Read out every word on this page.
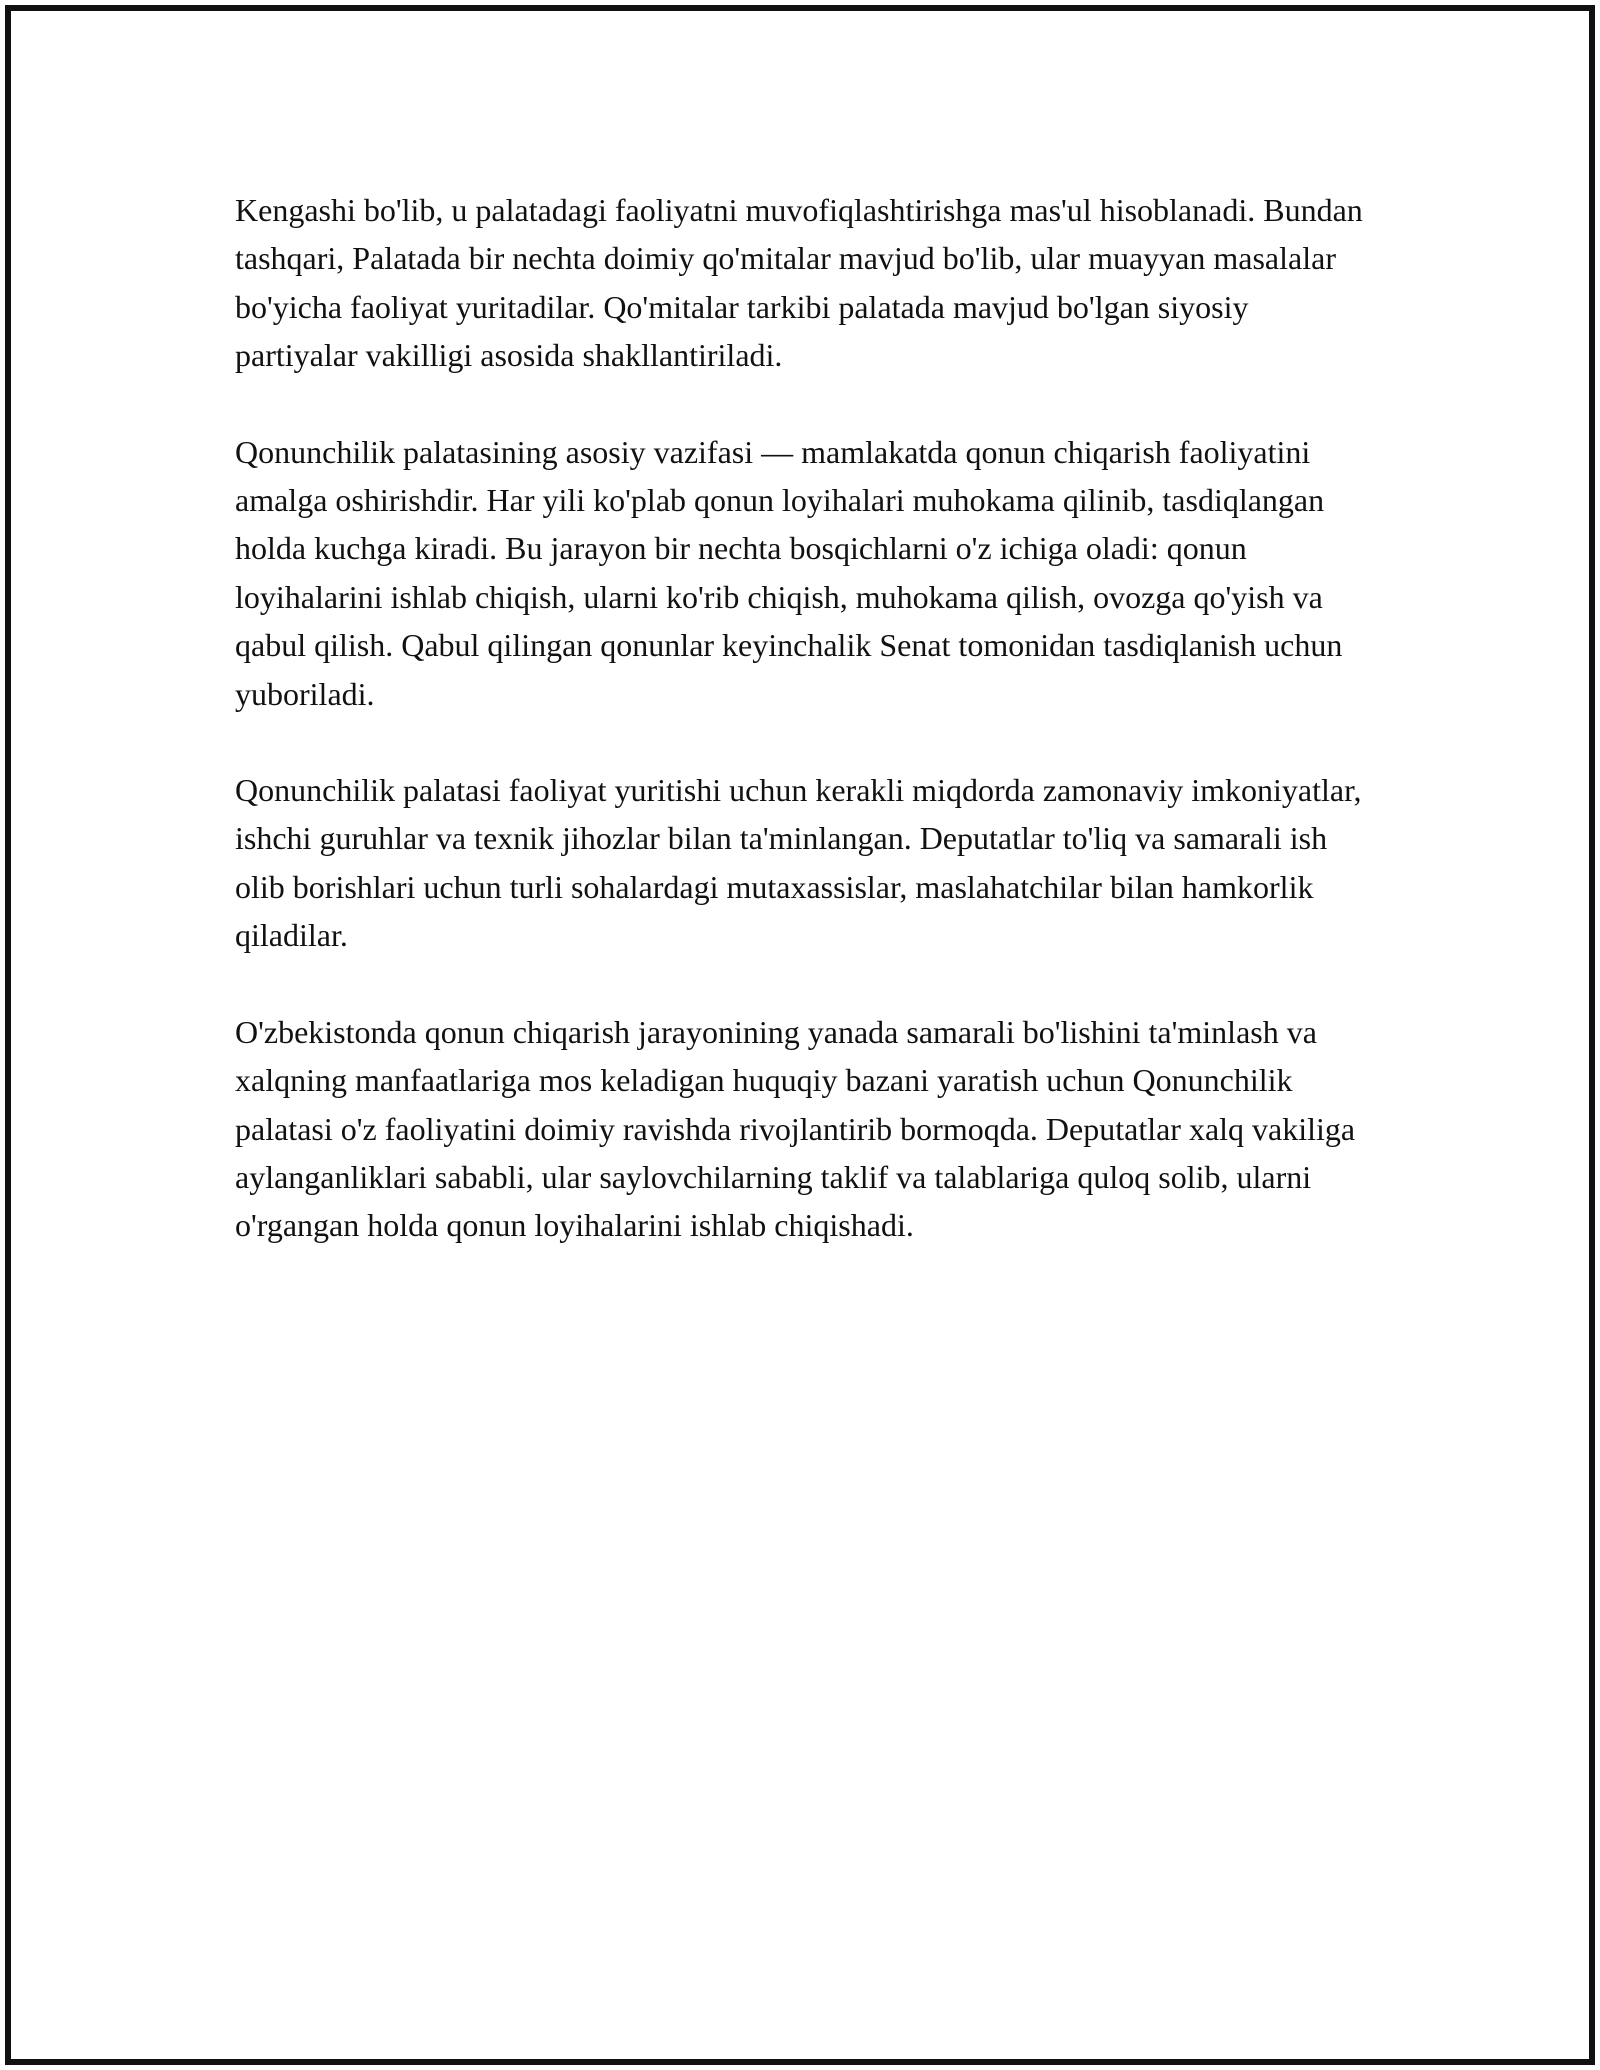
Kengashi bo'lib, u palatadagi faoliyatni muvofiqlashtirishga mas'ul hisoblanadi. Bundan tashqari, Palatada bir nechta doimiy qo'mitalar mavjud bo'lib, ular muayyan masalalar bo'yicha faoliyat yuritadilar. Qo'mitalar tarkibi palatada mavjud bo'lgan siyosiy partiyalar vakilligi asosida shakllantiriladi.

Qonunchilik palatasining asosiy vazifasi — mamlakatda qonun chiqarish faoliyatini amalga oshirishdir. Har yili ko'plab qonun loyihalari muhokama qilinib, tasdiqlangan holda kuchga kiradi. Bu jarayon bir nechta bosqichlarni o'z ichiga oladi: qonun loyihalarini ishlab chiqish, ularni ko'rib chiqish, muhokama qilish, ovozga qo'yish va qabul qilish. Qabul qilingan qonunlar keyinchalik Senat tomonidan tasdiqlanish uchun yuboriladi.

Qonunchilik palatasi faoliyat yuritishi uchun kerakli miqdorda zamonaviy imkoniyatlar, ishchi guruhlar va texnik jihozlar bilan ta'minlangan. Deputatlar to'liq va samarali ish olib borishlari uchun turli sohalardagi mutaxassislar, maslahatchilar bilan hamkorlik qiladilar.

O'zbekistonda qonun chiqarish jarayonining yanada samarali bo'lishini ta'minlash va xalqning manfaatlariga mos keladigan huquqiy bazani yaratish uchun Qonunchilik palatasi o'z faoliyatini doimiy ravishda rivojlantirib bormoqda. Deputatlar xalq vakiliga aylanganliklari sababli, ular saylovchilarning taklif va talablariga quloq solib, ularni o'rgangan holda qonun loyihalarini ishlab chiqishadi.
